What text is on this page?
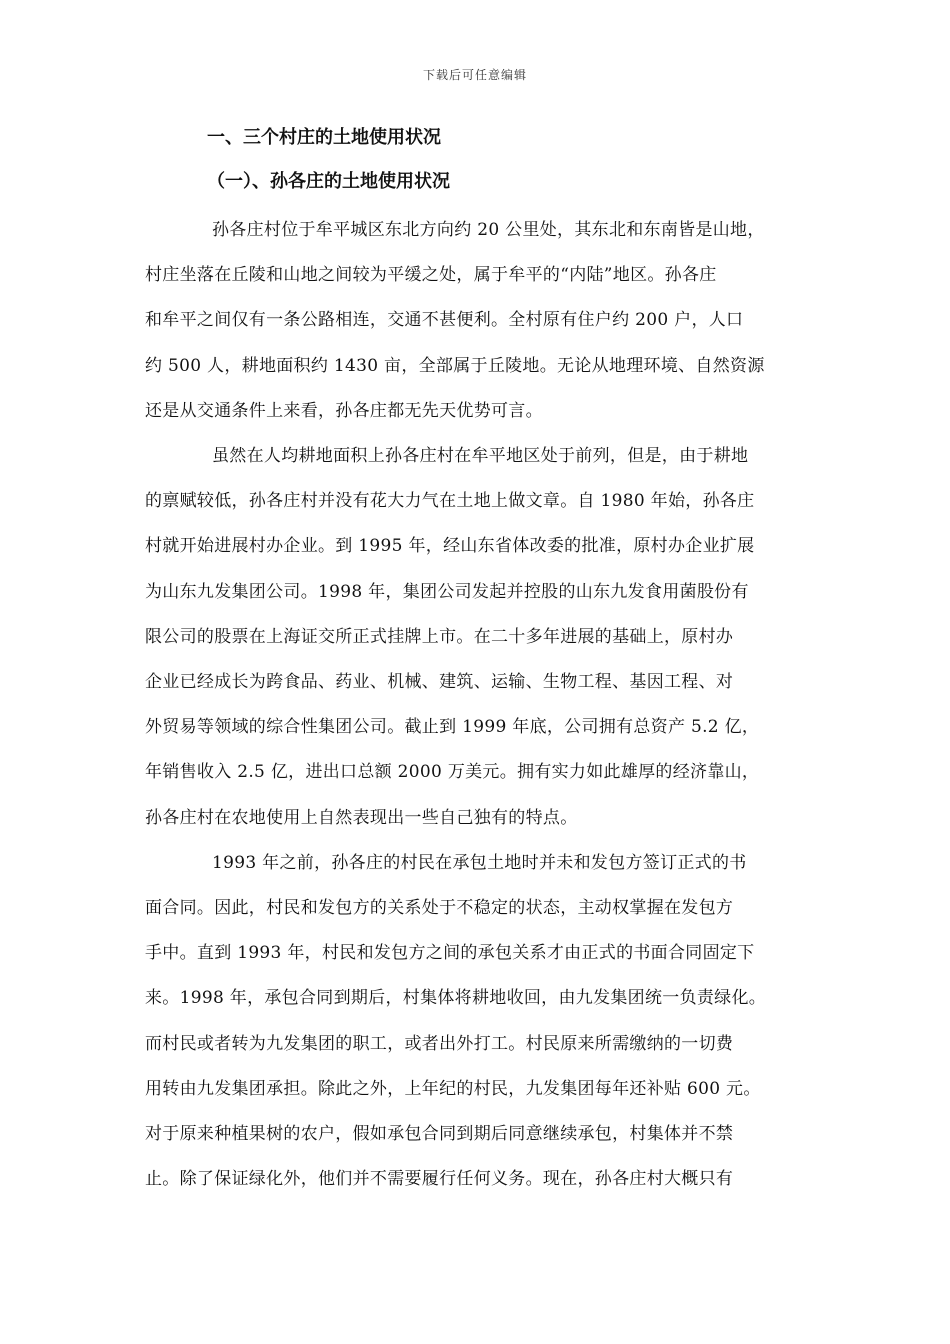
下载后可任意编辑
一、三个村庄的土地使用状况
（一）、孙各庄的土地使用状况
孙各庄村位于牟平城区东北方向约 20 公里处，其东北和东南皆是山地，
村庄坐落在丘陵和山地之间较为平缓之处，属于牟平的“内陆”地区。孙各庄
和牟平之间仅有一条公路相连，交通不甚便利。全村原有住户约 200 户，人口
约 500 人，耕地面积约 1430 亩，全部属于丘陵地。无论从地理环境、自然资源
还是从交通条件上来看，孙各庄都无先天优势可言。
虽然在人均耕地面积上孙各庄村在牟平地区处于前列，但是，由于耕地
的禀赋较低，孙各庄村并没有花大力气在土地上做文章。自 1980 年始，孙各庄
村就开始进展村办企业。到 1995 年，经山东省体改委的批准，原村办企业扩展
为山东九发集团公司。1998 年，集团公司发起并控股的山东九发食用菌股份有
限公司的股票在上海证交所正式挂牌上市。在二十多年进展的基础上，原村办
企业已经成长为跨食品、药业、机械、建筑、运输、生物工程、基因工程、对
外贸易等领域的综合性集团公司。截止到 1999 年底，公司拥有总资产 5.2 亿，
年销售收入 2.5 亿，进出口总额 2000 万美元。拥有实力如此雄厚的经济靠山，
孙各庄村在农地使用上自然表现出一些自己独有的特点。
1993 年之前，孙各庄的村民在承包土地时并未和发包方签订正式的书
面合同。因此，村民和发包方的关系处于不稳定的状态，主动权掌握在发包方
手中。直到 1993 年，村民和发包方之间的承包关系才由正式的书面合同固定下
来。1998 年，承包合同到期后，村集体将耕地收回，由九发集团统一负责绿化。
而村民或者转为九发集团的职工，或者出外打工。村民原来所需缴纳的一切费
用转由九发集团承担。除此之外，上年纪的村民，九发集团每年还补贴 600 元。
对于原来种植果树的农户，假如承包合同到期后同意继续承包，村集体并不禁
止。除了保证绿化外，他们并不需要履行任何义务。现在，孙各庄村大概只有
